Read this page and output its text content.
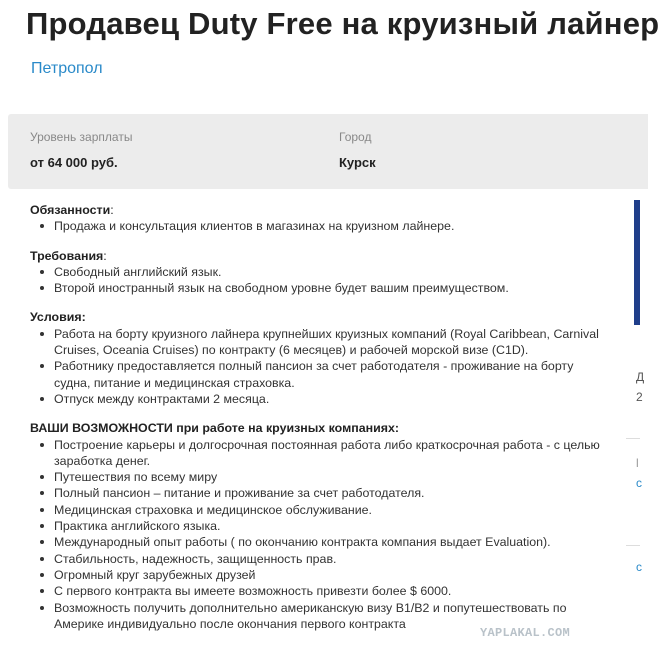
Продавец Duty Free на круизный лайнер
Петропол
Уровень зарплаты
от 64 000 руб.
Город
Курск
Обязанности:
Продажа и консультация клиентов в магазинах на круизном лайнере.
Требования:
Свободный английский язык.
Второй иностранный язык на свободном уровне будет вашим преимуществом.
Условия:
Работа на борту круизного лайнера крупнейших круизных компаний (Royal Caribbean, Carnival Cruises, Oceania Cruises) по контракту (6 месяцев) и рабочей морской визе (C1D).
Работнику предоставляется полный пансион за счет работодателя - проживание на борту судна, питание и медицинская страховка.
Отпуск между контрактами 2 месяца.
ВАШИ ВОЗМОЖНОСТИ при работе на круизных компаниях:
Построение карьеры и долгосрочная постоянная работа либо краткосрочная работа - с целью заработка денег.
Путешествия по всему миру
Полный пансион – питание и проживание за счет работодателя.
Медицинская страховка и медицинское обслуживание.
Практика английского языка.
Международный опыт работы ( по окончанию контракта компания выдает Evaluation).
Стабильность, надежность, защищенность прав.
Огромный круг зарубежных друзей
С первого контракта вы имеете возможность привезти более $ 6000.
Возможность получить дополнительно американскую визу B1/B2 и попутешествовать по Америке индивидуально после окончания первого контракта
Д
2
l
c
c
YAPLAKAL.COM
